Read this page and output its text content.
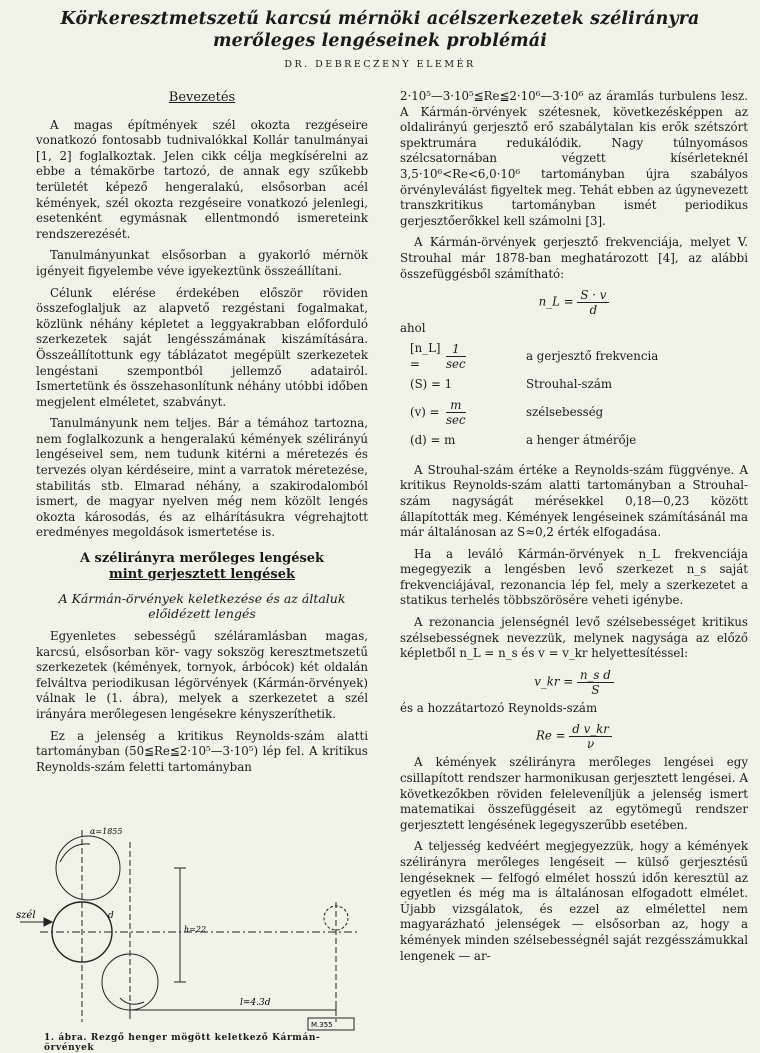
Körkeresztmetszetű karcsú mérnöki acélszerkezetek szélirányra merőleges lengéseinek problémái
DR. DEBRECZENY ELEMÉR

Bevezetés

A magas építmények szél okozta rezgéseire vonatkozó fontosabb tudnivalókkal Kollár tanulmányai [1, 2] foglalkoztak. Jelen cikk célja megkísérelni az ebbe a témakörbe tartozó, de annak egy szűkebb területét képező hengeralakú, elsősorban acél kémények, szél okozta rezgéseire vonatkozó jelenlegi, esetenként egymásnak ellentmondó ismereteink rendszerezését.

Tanulmányunkat elsősorban a gyakorló mérnök igényeit figyelembe véve igyekeztünk összeállítani.

Célunk elérése érdekében először röviden összefoglaljuk az alapvető rezgéstani fogalmakat, közlünk néhány képletet a leggyakrabban előforduló szerkezetek saját lengésszámának kiszámítására. Összeállítottunk egy táblázatot megépült szerkezetek lengéstani szempontból jellemző adatairól. Ismertetünk és összehasonlítunk néhány utóbbi időben megjelent elméletet, szabványt.

Tanulmányunk nem teljes. Bár a témához tartozna, nem foglalkozunk a hengeralakú kémények szélirányú lengéseivel sem, nem tudunk kitérni a méretezés és tervezés olyan kérdéseire, mint a varratok méretezése, stabilitás stb. Elmarad néhány, a szakirodalomból ismert, de magyar nyelven még nem közölt lengés okozta károsodás, és az elhárításukra végrehajtott eredményes megoldások ismertetése is.

A szélirányra merőleges lengések
mint gerjesztett lengések
A Kármán-örvények keletkezése és az általuk
előidézett lengés

Egyenletes sebességű széláramlásban magas, karcsú, elsősorban kör- vagy sokszög keresztmetszetű szerkezetek (kémények, tornyok, árbócok) két oldalán felváltva periodikusan légörvények (Kármán-örvények) válnak le (1. ábra), melyek a szerkezetet a szél irányára merőlegesen lengésekre kényszeríthetik.

Ez a jelenség a kritikus Reynolds-szám alatti tartományban (50≦Re≦2·10⁵—3·10⁵) lép fel. A kritikus Reynolds-szám feletti tartományban

szél
l=4.3d
d
α=1855
h=22
M.355
1. ábra. Rezgő henger mögött keletkező Kármán-örvények

2·10⁵—3·10⁵≦Re≦2·10⁶—3·10⁶ az áramlás turbulens lesz. A Kármán-örvények szétesnek, következésképpen az oldalirányú gerjesztő erő szabálytalan kis erők szétszórt spektrumára redukálódik. Nagy túlnyomásos szélcsatornában végzett kísérleteknél 3,5·10⁶<Re<6,0·10⁶ tartományban újra szabályos örvényleválást figyeltek meg. Tehát ebben az úgynevezett transzkritikus tartományban ismét periodikus gerjesztőerőkkel kell számolni [3].

A Kármán-örvények gerjesztő frekvenciája, melyet V. Strouhal már 1878-ban meghatározott [4], az alábbi összefüggésből számítható:

n_L = $\frac{S \cdot v}{d}$

ahol

[n_L] =	$\frac{1}{\sec}$	a gerjesztő frekvencia
(S) = 1	Strouhal-szám
$(v) = \frac{m}{\sec}$	szélsebesség
(d) = m	a henger átmérője

A Strouhal-szám értéke a Reynolds-szám függvénye. A kritikus Reynolds-szám alatti tartományban a Strouhal-szám nagyságát mérésekkel 0,18—0,23 között állapították meg. Kémények lengéseinek számításánál ma már általánosan az S≈0,2 érték elfogadása.

Ha a leváló Kármán-örvények n_L frekvenciája megegyezik a lengésben levő szerkezet n_s saját frekvenciájával, rezonancia lép fel, mely a szerkezetet a statikus terhelés többszörösére veheti igénybe.

A rezonancia jelenségnél levő szélsebességet kritikus szélsebességnek nevezzük, melynek nagysága az előző képletből n_L = n_s és v = v_kr helyettesítéssel:

v_kr = $\frac{\text{n\_s d}}{S}$

és a hozzátartozó Reynolds-szám

$Re = \frac{\text{d v\_kr}}{\nu}$

A kémények szélirányra merőleges lengései egy csillapított rendszer harmonikusan gerjesztett lengései. A következőkben röviden feleleveníljük a jelenség ismert matematikai összefüggéseit az egytömegű rendszer gerjesztett lengésének legegyszerűbb esetében.

A teljesség kedvéért megjegyezzük, hogy a kémények szélirányra merőleges lengéseit — külső gerjesztésű lengéseknek — felfogó elmélet hosszú időn keresztül az egyetlen és még ma is általánosan elfogadott elmélet. Újabb vizsgálatok, és ezzel az elmélettel nem magyarázható jelenségek — elsősorban az, hogy a kémények minden szélsebességnél saját rezgésszámukkal lengenek — ar-
